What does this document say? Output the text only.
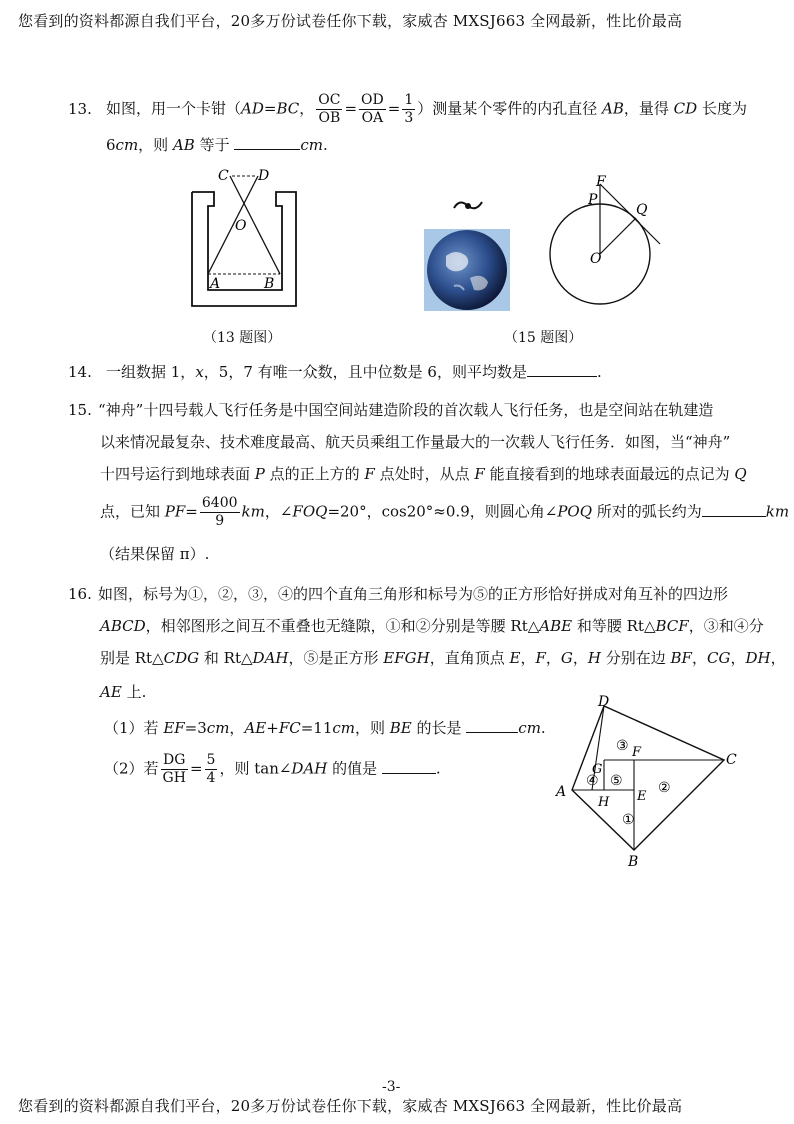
您看到的资料都源自我们平台，20多万份试卷任你下载，家威杏 MXSJ663 全网最新，性比价最高
13. 如图，用一个卡钳（AD=BC， $\frac{OC}{OB} = \frac{OD}{OA} = \frac{1}{3}$ ）测量某个零件的内孔直径 AB，量得 CD 长度为
6cm，则 AB 等于	cm.
C D
O
A	B
（13 题图）
F
P
Q
O
（15 题图）
14. 一组数据 1，x，5，7 有唯一众数，且中位数是 6，则平均数是	.
15. “神舟”十四号载人飞行任务是中国空间站建造阶段的首次载人飞行任务，也是空间站在轨建造
以来情况最复杂、技术难度最高、航天员乘组工作量最大的一次载人飞行任务．如图，当“神舟”
十四号运行到地球表面 P 点的正上方的 F 点处时，从点 F 能直接看到的地球表面最远的点记为 Q
点，已知 $PF= \frac{6400}{9}$ km，∠FOQ=20°，cos20°≈0.9，则圆心角∠POQ 所对的弧长约为	km
（结果保留 π）.
16. 如图，标号为①，②，③，④的四个直角三角形和标号为⑤的正方形恰好拼成对角互补的四边形
ABCD，相邻图形之间互不重叠也无缝隙，①和②分别是等腰 Rt△ABE 和等腰 Rt△BCF，③和④分
别是 Rt△CDG 和 Rt△DAH，⑤是正方形 EFGH，直角顶点 E，F，G，H 分别在边 BF，CG，DH，
AE 上.
（1）若 EF=3cm，AE+FC=11cm，则 BE 的长是	cm.
（2）若 $\frac{DG}{GH} = \frac{5}{4}$ ，则 tan∠DAH 的值是	.
D
C
A
B
G
F
H E
①
②
③
④ ⑤
-3-
您看到的资料都源自我们平台，20多万份试卷任你下载，家威杏 MXSJ663 全网最新，性比价最高
